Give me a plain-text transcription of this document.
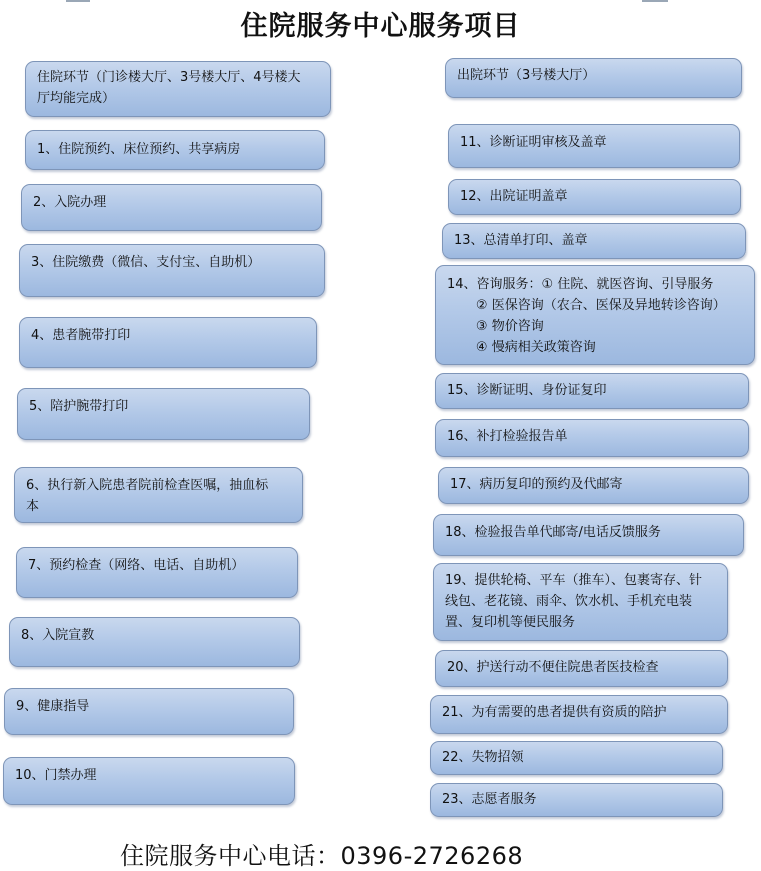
住院服务中心服务项目
住院环节（门诊楼大厅、3号楼大厅、4号楼大
厅均能完成）
1、住院预约、床位预约、共享病房
2、入院办理
3、住院缴费（微信、支付宝、自助机）
4、患者腕带打印
5、陪护腕带打印
6、执行新入院患者院前检查医嘱，抽血标
本
7、预约检查（网络、电话、自助机）
8、入院宣教
9、健康指导
10、门禁办理
出院环节（3号楼大厅）
11、诊断证明审核及盖章
12、出院证明盖章
13、总清单打印、盖章
14、咨询服务：① 住院、就医咨询、引导服务
② 医保咨询（农合、医保及异地转诊咨询）
③ 物价咨询
④ 慢病相关政策咨询
15、诊断证明、身份证复印
16、补打检验报告单
17、病历复印的预约及代邮寄
18、检验报告单代邮寄/电话反馈服务
19、提供轮椅、平车（推车）、包裹寄存、针
线包、老花镜、雨伞、饮水机、手机充电装
置、复印机等便民服务
20、护送行动不便住院患者医技检查
21、为有需要的患者提供有资质的陪护
22、失物招领
23、志愿者服务
住院服务中心电话：0396-2726268
